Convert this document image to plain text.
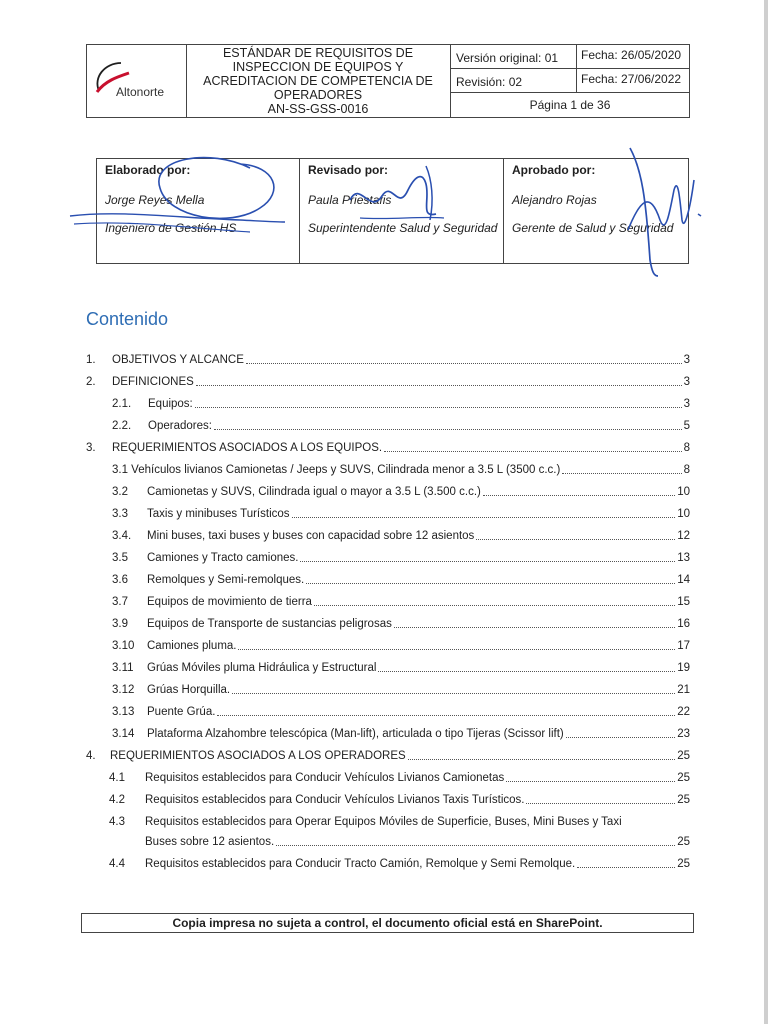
Altonorte
ESTÁNDAR DE REQUISITOS DE
INSPECCION DE EQUIPOS Y
ACREDITACION DE COMPETENCIA DE
OPERADORES
AN-SS-GSS-0016
Versión original: 01	Fecha: 26/05/2020
Revisión: 02	Fecha: 27/06/2022
Página 1 de 36
Elaborado por:
Jorge Reyes Mella
Ingeniero de Gestión HS
Revisado por:
Paula Priestafis
Superintendente Salud y Seguridad
Aprobado por:
Alejandro Rojas
Gerente de Salud y Seguridad
Contenido
1.	OBJETIVOS Y ALCANCE	3
2.	DEFINICIONES	3
2.1.	Equipos:	3
2.2.	Operadores:	5
3.	REQUERIMIENTOS ASOCIADOS A LOS EQUIPOS.	8
3.1 Vehículos livianos Camionetas / Jeeps y SUVS, Cilindrada menor a 3.5 L (3500 c.c.)	8
3.2	Camionetas y SUVS, Cilindrada igual o mayor a 3.5 L (3.500 c.c.)	10
3.3	Taxis y minibuses Turísticos	10
3.4.	Mini buses, taxi buses y buses con capacidad sobre 12 asientos	12
3.5	Camiones y Tracto camiones.	13
3.6	Remolques y Semi-remolques.	14
3.7	Equipos de movimiento de tierra	15
3.9	Equipos de Transporte de sustancias peligrosas	16
3.10	Camiones pluma.	17
3.11	Grúas Móviles pluma Hidráulica y Estructural	19
3.12	Grúas Horquilla.	21
3.13	Puente Grúa.	22
3.14	Plataforma Alzahombre telescópica (Man-lift), articulada o tipo Tijeras (Scissor lift)	23
4.	REQUERIMIENTOS ASOCIADOS A LOS OPERADORES	25
4.1	Requisitos establecidos para Conducir Vehículos Livianos Camionetas	25
4.2	Requisitos establecidos para Conducir Vehículos Livianos Taxis Turísticos.	25
4.3	Requisitos establecidos para Operar Equipos Móviles de Superficie, Buses, Mini Buses y Taxi
Buses sobre 12 asientos.	25
4.4	Requisitos establecidos para Conducir Tracto Camión, Remolque y Semi Remolque.	25
Copia impresa no sujeta a control, el documento oficial está en SharePoint.
